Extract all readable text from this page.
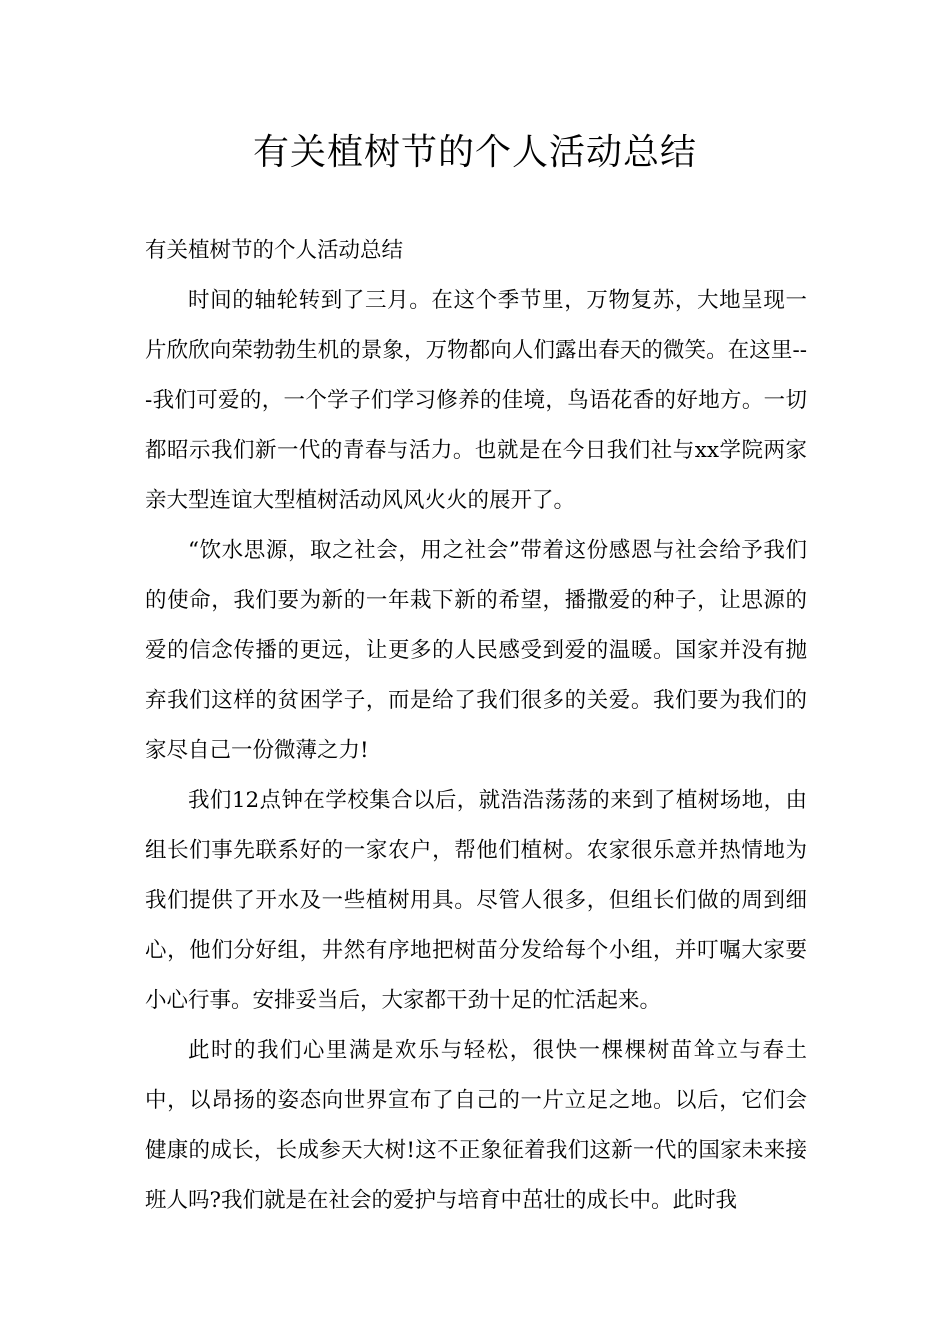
有关植树节的个人活动总结

有关植树节的个人活动总结

时间的轴轮转到了三月。在这个季节里，万物复苏，大地呈现一片欣欣向荣勃勃生机的景象，万物都向人们露出春天的微笑。在这里---我们可爱的，一个学子们学习修养的佳境，鸟语花香的好地方。一切都昭示我们新一代的青春与活力。也就是在今日我们社与xx学院两家亲大型连谊大型植树活动风风火火的展开了。

“饮水思源，取之社会，用之社会”带着这份感恩与社会给予我们的使命，我们要为新的一年栽下新的希望，播撒爱的种子，让思源的爱的信念传播的更远，让更多的人民感受到爱的温暖。国家并没有抛弃我们这样的贫困学子，而是给了我们很多的关爱。我们要为我们的家尽自己一份微薄之力!

我们12点钟在学校集合以后，就浩浩荡荡的来到了植树场地，由组长们事先联系好的一家农户，帮他们植树。农家很乐意并热情地为我们提供了开水及一些植树用具。尽管人很多，但组长们做的周到细心，他们分好组，井然有序地把树苗分发给每个小组，并叮嘱大家要小心行事。安排妥当后，大家都干劲十足的忙活起来。

此时的我们心里满是欢乐与轻松，很快一棵棵树苗耸立与春土中，以昂扬的姿态向世界宣布了自己的一片立足之地。以后，它们会健康的成长，长成参天大树!这不正象征着我们这新一代的国家未来接班人吗?我们就是在社会的爱护与培育中茁壮的成长中。此时我
